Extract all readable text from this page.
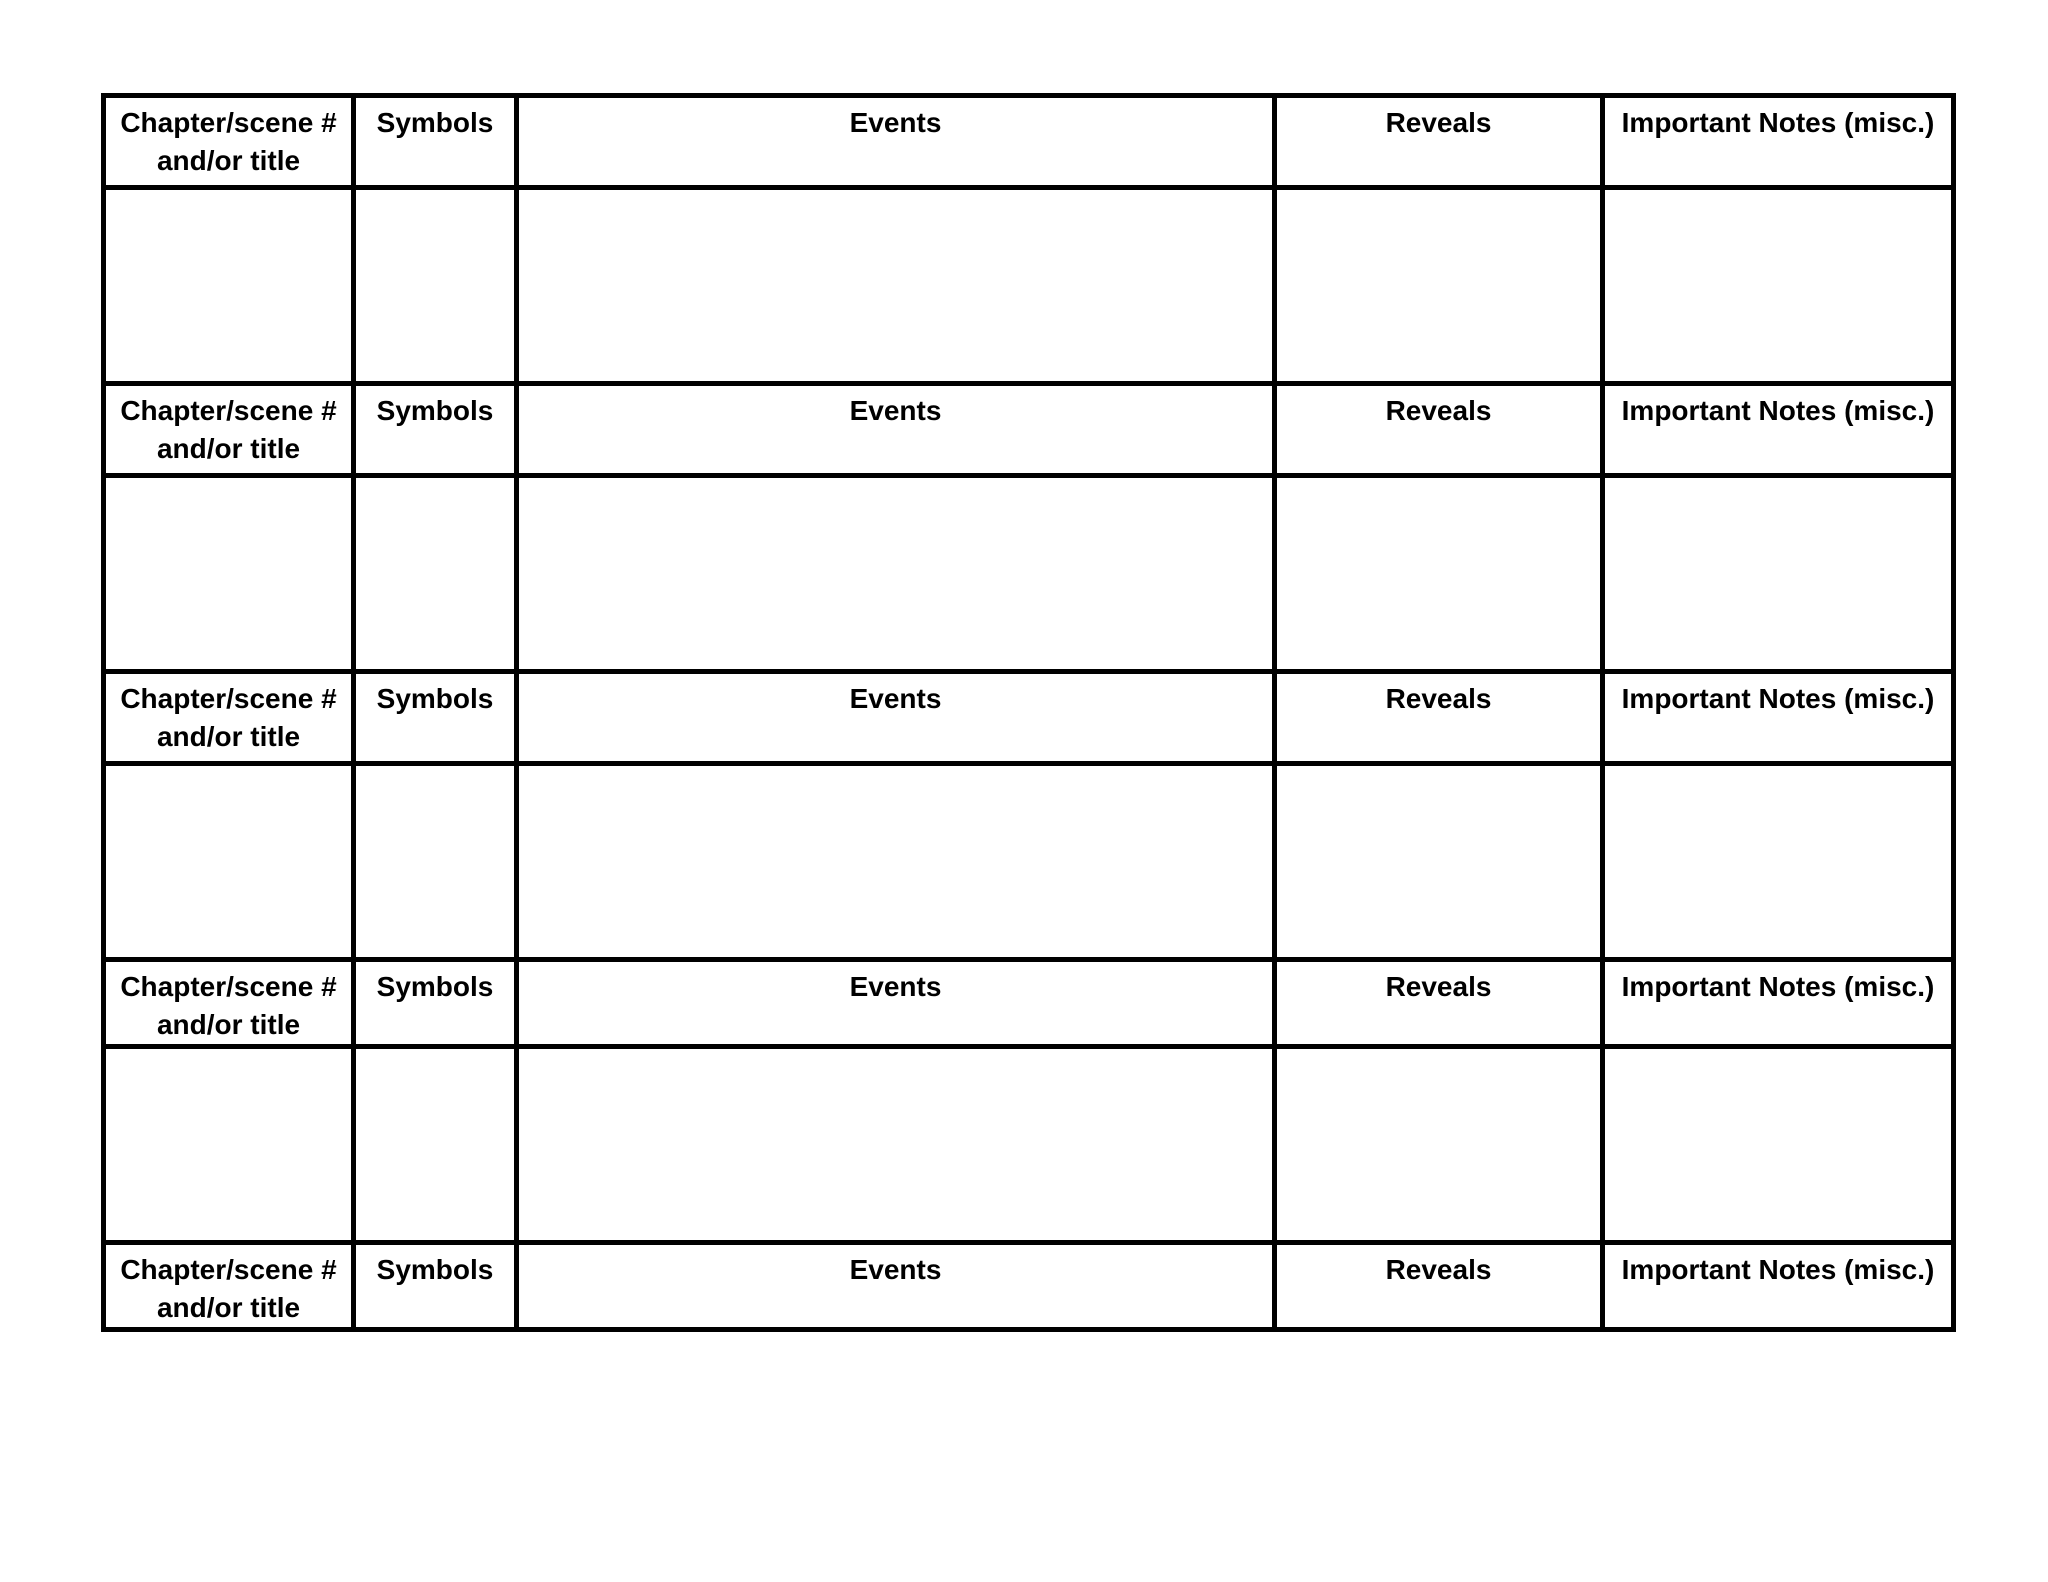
Chapter/scene #
and/or title	Symbols	Events	Reveals	Important Notes (misc.)

Chapter/scene #
and/or title	Symbols	Events	Reveals	Important Notes (misc.)

Chapter/scene #
and/or title	Symbols	Events	Reveals	Important Notes (misc.)

Chapter/scene #
and/or title	Symbols	Events	Reveals	Important Notes (misc.)

Chapter/scene #
and/or title	Symbols	Events	Reveals	Important Notes (misc.)
